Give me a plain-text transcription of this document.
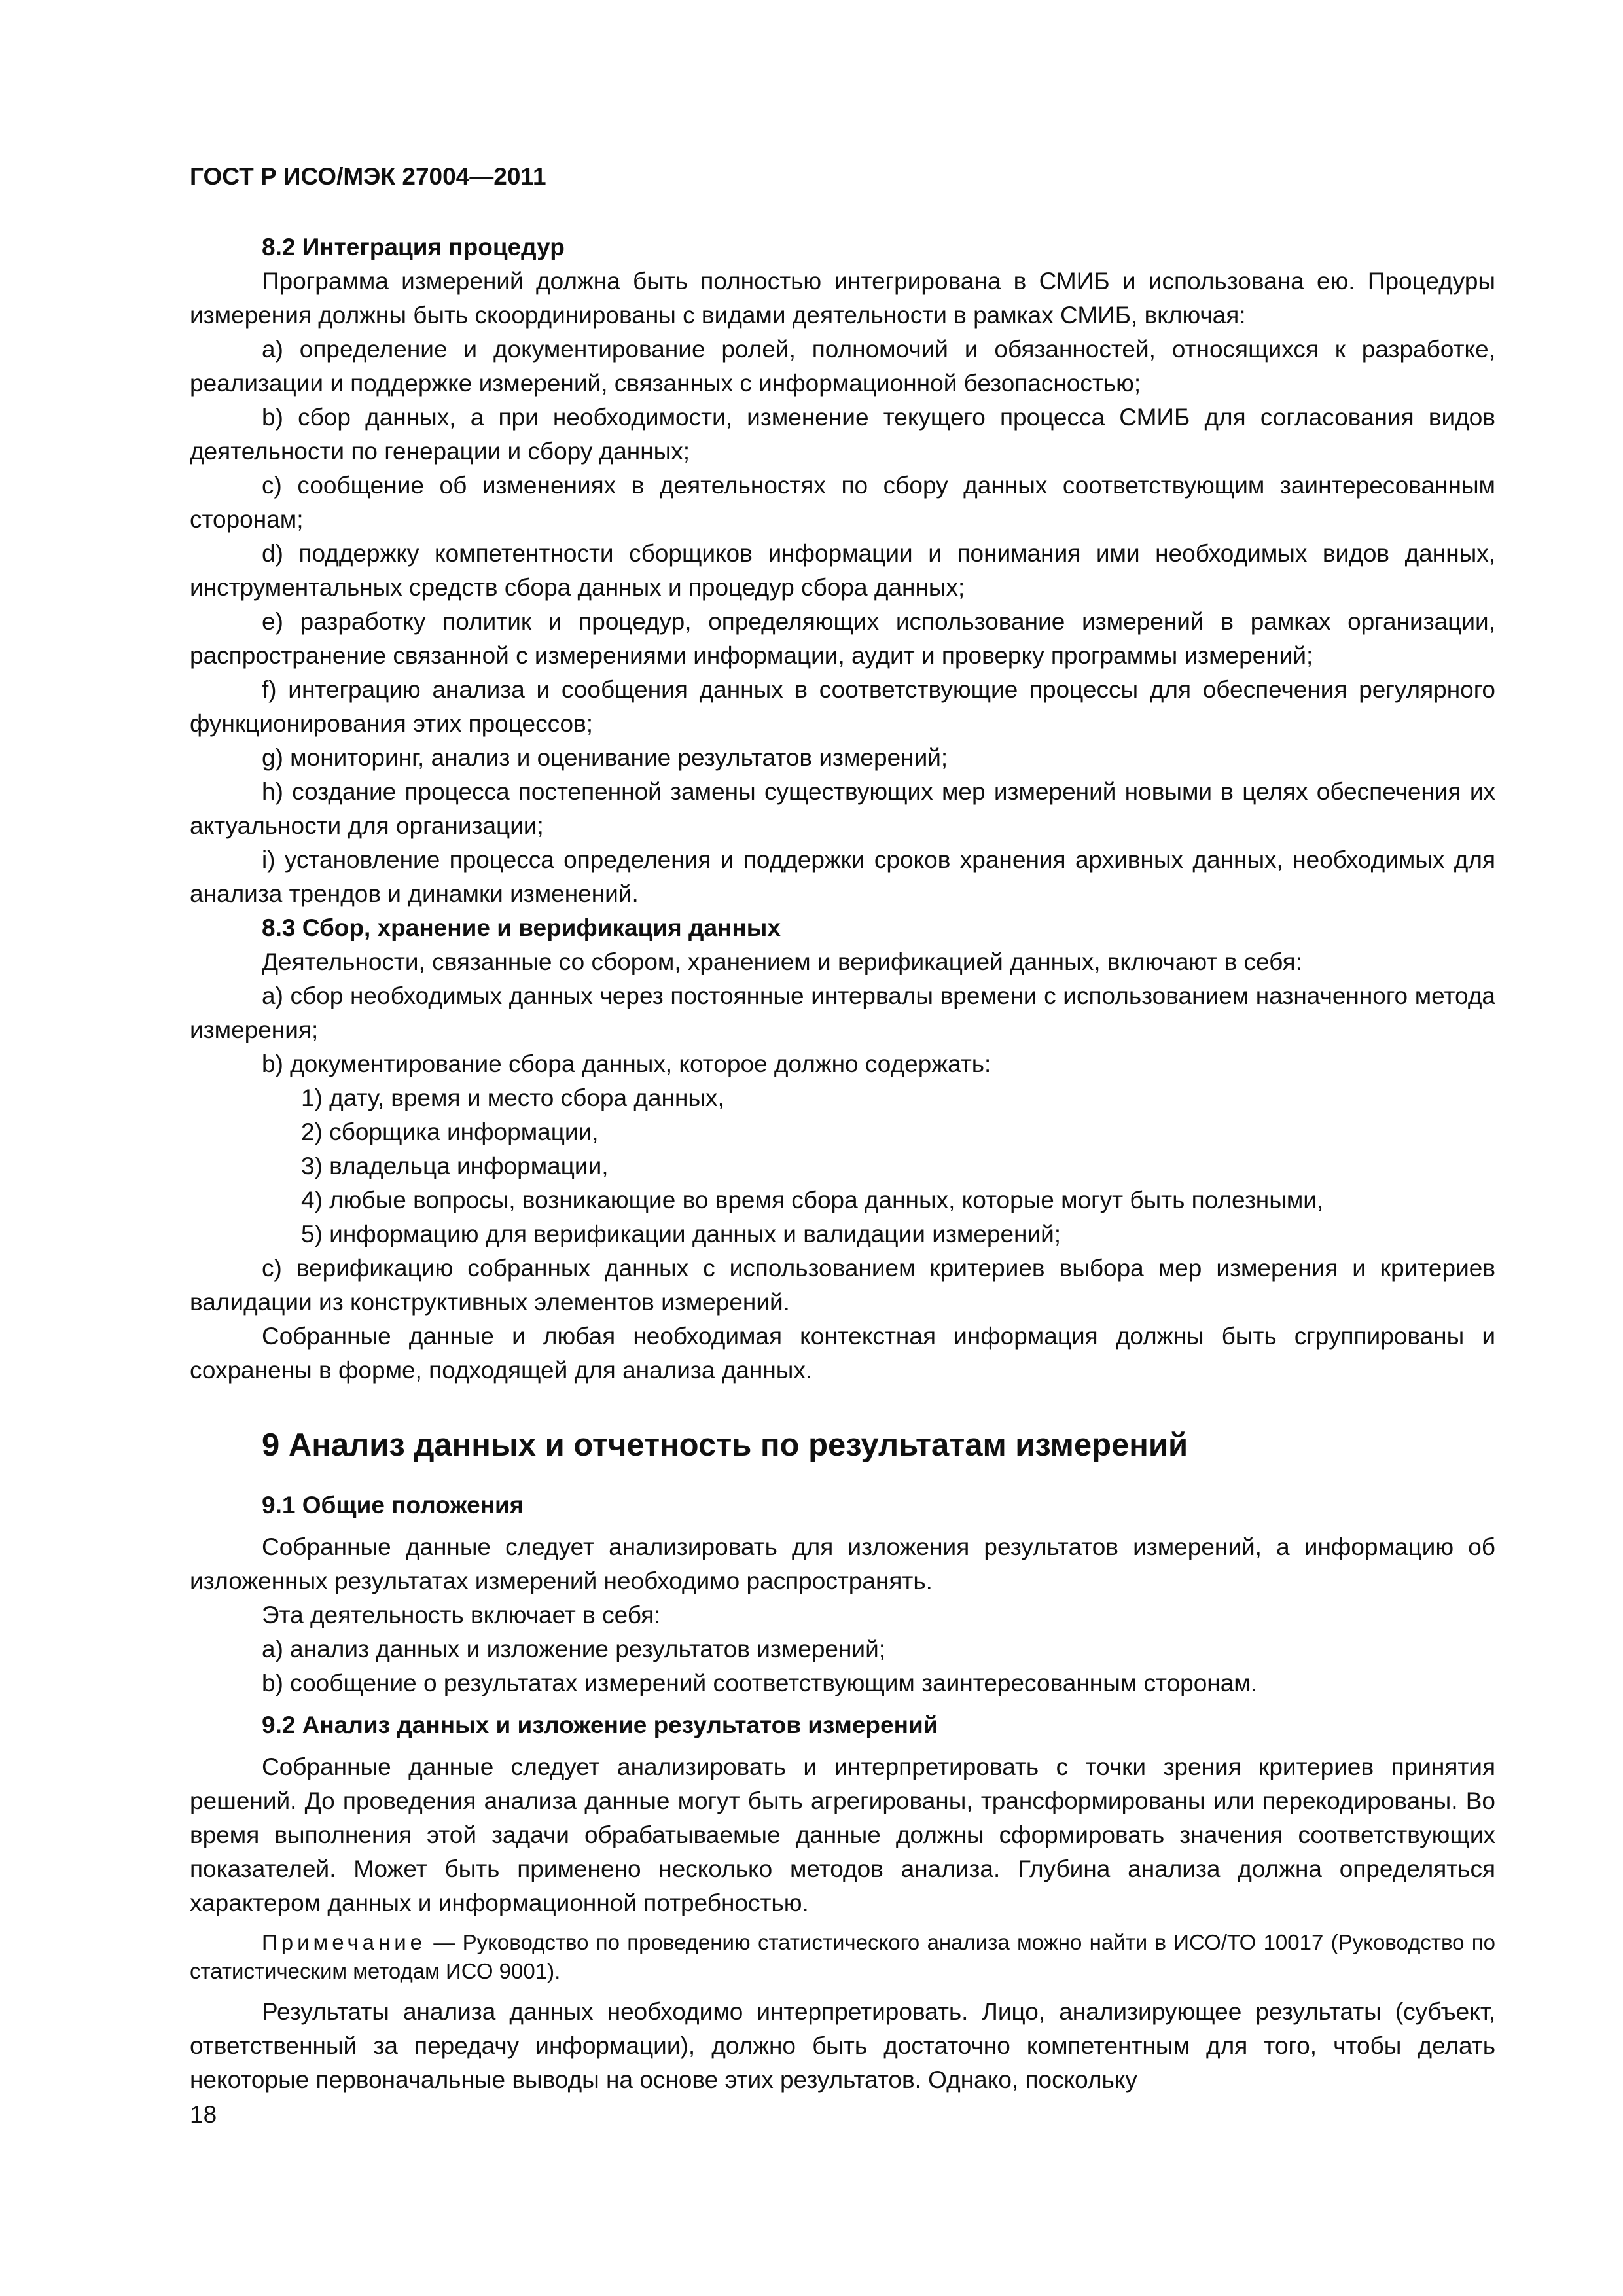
ГОСТ Р ИСО/МЭК 27004—2011

8.2 Интеграция процедур

Программа измерений должна быть полностью интегрирована в СМИБ и использована ею. Процедуры измерения должны быть скоординированы с видами деятельности в рамках СМИБ, включая:

a) определение и документирование ролей, полномочий и обязанностей, относящихся к разработке, реализации и поддержке измерений, связанных с информационной безопасностью;

b) сбор данных, а при необходимости, изменение текущего процесса СМИБ для согласования видов деятельности по генерации и сбору данных;

c) сообщение об изменениях в деятельностях по сбору данных соответствующим заинтересованным сторонам;

d) поддержку компетентности сборщиков информации и понимания ими необходимых видов данных, инструментальных средств сбора данных и процедур сбора данных;

e) разработку политик и процедур, определяющих использование измерений в рамках организации, распространение связанной с измерениями информации, аудит и проверку программы измерений;

f) интеграцию анализа и сообщения данных в соответствующие процессы для обеспечения регулярного функционирования этих процессов;

g) мониторинг, анализ и оценивание результатов измерений;

h) создание процесса постепенной замены существующих мер измерений новыми в целях обеспечения их актуальности для организации;

i) установление процесса определения и поддержки сроков хранения архивных данных, необходимых для анализа трендов и динамки изменений.

8.3 Сбор, хранение и верификация данных

Деятельности, связанные со сбором, хранением и верификацией данных, включают в себя:

a) сбор необходимых данных через постоянные интервалы времени с использованием назначенного метода измерения;

b) документирование сбора данных, которое должно содержать:

1) дату, время и место сбора данных,

2) сборщика информации,

3) владельца информации,

4) любые вопросы, возникающие во время сбора данных, которые могут быть полезными,

5) информацию для верификации данных и валидации измерений;

c) верификацию собранных данных с использованием критериев выбора мер измерения и критериев валидации из конструктивных элементов измерений.

Собранные данные и любая необходимая контекстная информация должны быть сгруппированы и сохранены в форме, подходящей для анализа данных.

9 Анализ данных и отчетность по результатам измерений

9.1 Общие положения

Собранные данные следует анализировать для изложения результатов измерений, а информацию об изложенных результатах измерений необходимо распространять.

Эта деятельность включает в себя:

a) анализ данных и изложение результатов измерений;

b) сообщение о результатах измерений соответствующим заинтересованным сторонам.

9.2 Анализ данных и изложение результатов измерений

Собранные данные следует анализировать и интерпретировать с точки зрения критериев принятия решений. До проведения анализа данные могут быть агрегированы, трансформированы или перекодированы. Во время выполнения этой задачи обрабатываемые данные должны сформировать значения соответствующих показателей. Может быть применено несколько методов анализа. Глубина анализа должна определяться характером данных и информационной потребностью.

Примечание — Руководство по проведению статистического анализа можно найти в ИСО/ТО 10017 (Руководство по статистическим методам ИСО 9001).

Результаты анализа данных необходимо интерпретировать. Лицо, анализирующее результаты (субъект, ответственный за передачу информации), должно быть достаточно компетентным для того, чтобы делать некоторые первоначальные выводы на основе этих результатов. Однако, поскольку

18
